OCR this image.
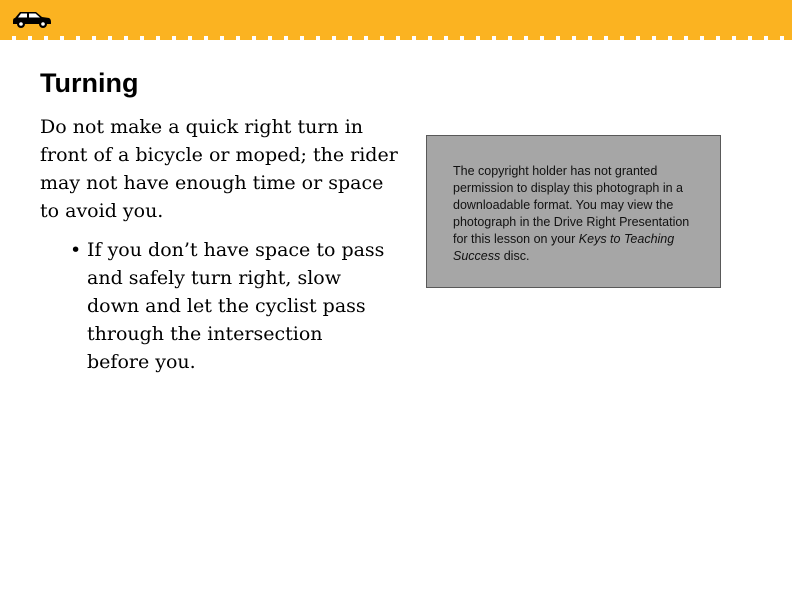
Turning

Do not make a quick right turn in front of a bicycle or moped; the rider may not have enough time or space to avoid you.

• If you don’t have space to pass and safely turn right, slow down and let the cyclist pass through the intersection before you.
The copyright holder has not granted permission to display this photograph in a downloadable format. You may view the photograph in the Drive Right Presentation for this lesson on your Keys to Teaching Success disc.
